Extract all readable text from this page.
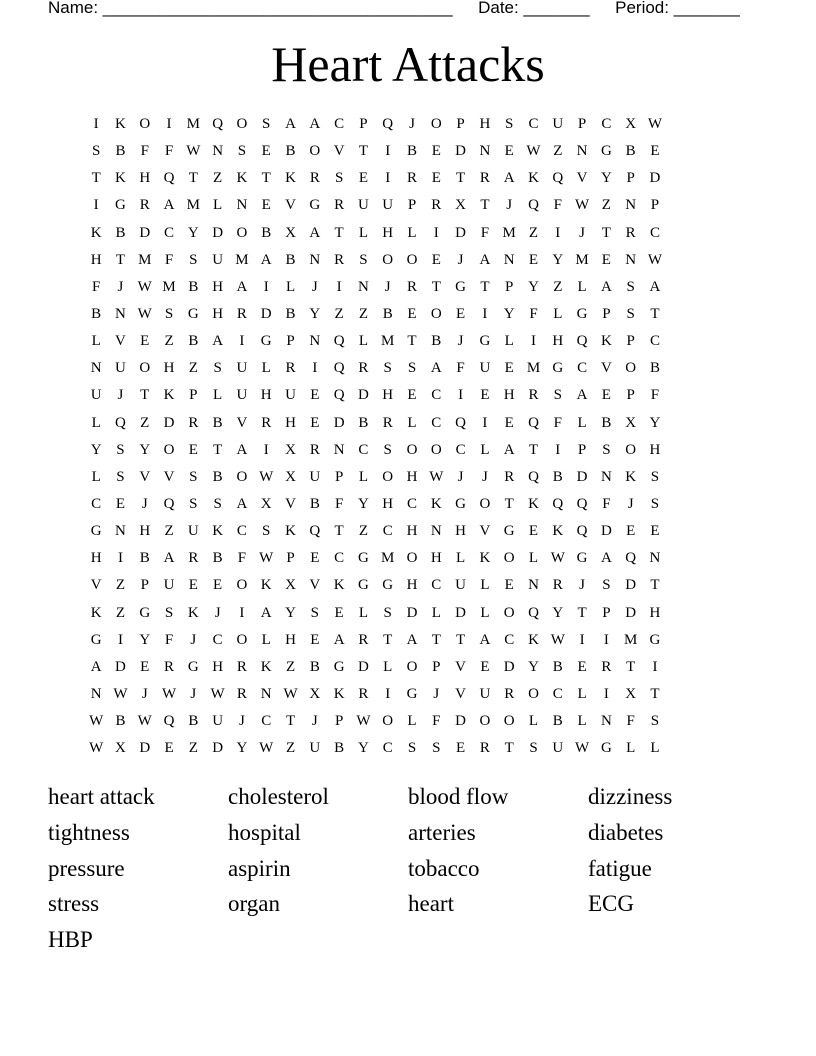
Name: _____________________________________ Date: _______ Period: _______
Heart Attacks
I	K O	I	M Q O S A A C	P Q	J	O P H S	C U P	C X W
S	B	F	F W N S	E B O V T	I	B E D N E W Z N G B E
T K H Q T	Z K T K R	S	E	I	R E	T R A K Q V Y P D
I	G R A M L N E V G R U U P	R X T	J	Q F W Z N P
K B D C Y D O B X A T	L H L	I	D F M Z	I	J	T R C
H T M F	S U M A B N R	S O O E	J	A N E Y M E N W
F	J W M B H A	I	L	J	I	N	J	R T G T	P Y Z	L A S A
B N W S G H R D B Y Z	Z B E O E	I	Y F	L G P	S	T
L V E	Z B A	I	G P N Q L M T B	J	G L	I	H Q K P	C
N U O H Z	S U L R	I	Q R	S	S A F U E M G C V O B
U	J	T K P	L U H U E Q D H E C	I	E H R	S A E	P	F
L Q Z D R B V R H E D B R L C Q	I	E Q F	L B X Y
Y S Y O E	T A	I	X R N C	S O O C L A T	I	P	S O H
L	S V V S	B O W X U P	L O H W J	J	R Q B D N K S
C E	J	Q S	S A X V B	F Y H C K G O T K Q Q F	J	S
G N H Z U K C	S K Q T	Z C H N H V G E K Q D E	E
H	I	B A R B	F W P	E C G M O H L K O L W G A Q N
V Z	P U E	E O K X V K G G H C U L	E N R	J	S D T
K Z G S K	J	I	A Y S	E	L	S D L D L O Q Y T	P D H
G	I	Y F	J	C O L H E A R T A T	T A C K W I	I	M G
A D E R G H R K Z B G D L O P V E D Y B E R T	I
N W J W J W R N W X K R	I	G	J	V U R O C L	I	X T
W B W Q B U	J	C T	J	P W O L	F D O O L B L N F	S
W X D E	Z D Y W Z U B Y C	S	S	E R T	S U W G L	L
heart attack	cholesterol	blood flow	dizziness
tightness	hospital	arteries	diabetes
pressure	aspirin	tobacco	fatigue
stress	organ	heart	ECG
HBP
